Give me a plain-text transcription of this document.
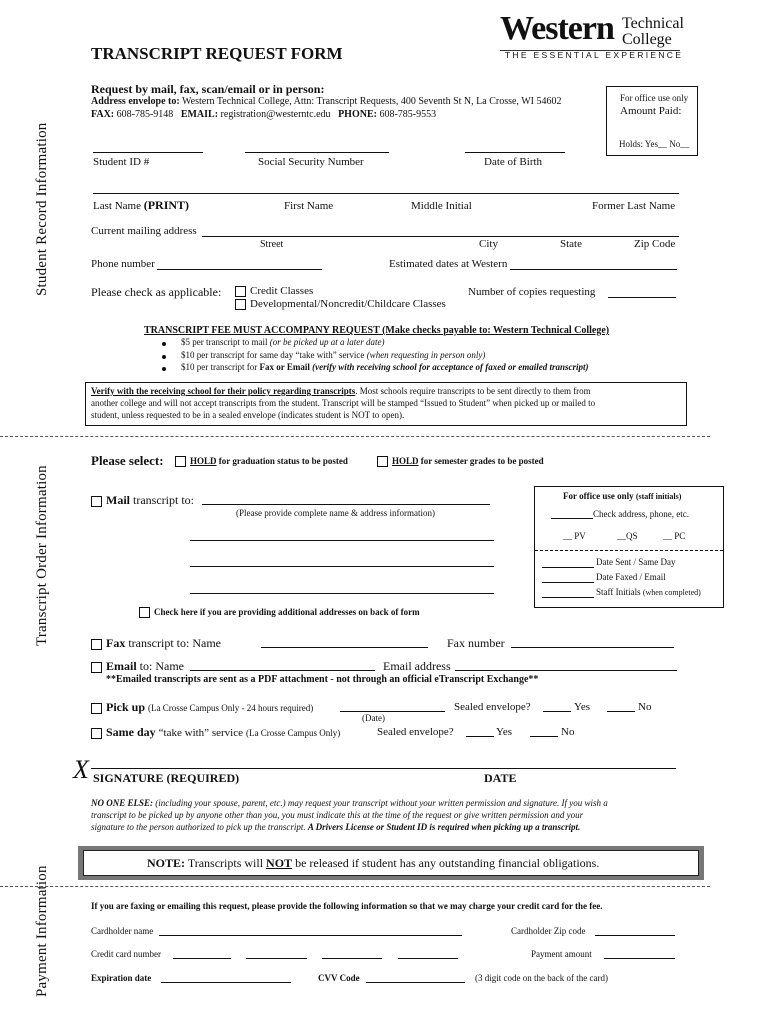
Western Technical
College
THE ESSENTIAL EXPERIENCE
TRANSCRIPT REQUEST FORM
Request by mail, fax, scan/email or in person:
Address envelope to: Western Technical College, Attn: Transcript Requests, 400 Seventh St N, La Crosse, WI 54602
FAX: 608-785-9148 EMAIL: registration@westerntc.edu PHONE: 608-785-9553
For office use only
Amount Paid:
Holds: Yes__ No__
Student Record Information
Transcript Order Information
Payment Information
Student ID #	Social Security Number	Date of Birth
Last Name (PRINT)	First Name	Middle Initial	Former Last Name
Current mailing address
Street	City	State	Zip Code
Phone number	Estimated dates at Western
Please check as applicable:	Credit Classes
Developmental/Noncredit/Childcare Classes
Number of copies requesting
TRANSCRIPT FEE MUST ACCOMPANY REQUEST (Make checks payable to: Western Technical College)
$5 per transcript to mail (or be picked up at a later date)
$10 per transcript for same day “take with” service (when requesting in person only)
$10 per transcript for Fax or Email (verify with receiving school for acceptance of faxed or emailed transcript)
Verify with the receiving school for their policy regarding transcripts. Most schools require transcripts to be sent directly to them from
another college and will not accept transcripts from the student. Transcript will be stamped “Issued to Student” when picked up or mailed to
student, unless requested to be in a sealed envelope (indicates student is NOT to open).
Please select:	HOLD for graduation status to be posted	HOLD for semester grades to be posted
Mail transcript to:
(Please provide complete name & address information)
Check here if you are providing additional addresses on back of form
For office use only (staff initials)
Check address, phone, etc.
__ PV	__QS	__ PC
Date Sent / Same Day
Date Faxed / Email
Staff Initials (when completed)
Fax transcript to: Name	Fax number
Email to: Name	Email address
**Emailed transcripts are sent as a PDF attachment - not through an official eTranscript Exchange**
Pick up (La Crosse Campus Only - 24 hours required)
(Date)
Sealed envelope?	Yes	No
Same day “take with” service (La Crosse Campus Only)	Sealed envelope?	Yes	No
X SIGNATURE (REQUIRED)	DATE
NO ONE ELSE: (including your spouse, parent, etc.) may request your transcript without your written permission and signature. If you wish a
transcript to be picked up by anyone other than you, you must indicate this at the time of the request or give written permission and your
signature to the person authorized to pick up the transcript. A Drivers License or Student ID is required when picking up a transcript.
NOTE: Transcripts will NOT be released if student has any outstanding financial obligations.
If you are faxing or emailing this request, please provide the following information so that we may charge your credit card for the fee.
Cardholder name	Cardholder Zip code
Credit card number	Payment amount
Expiration date	CVV Code	(3 digit code on the back of the card)
